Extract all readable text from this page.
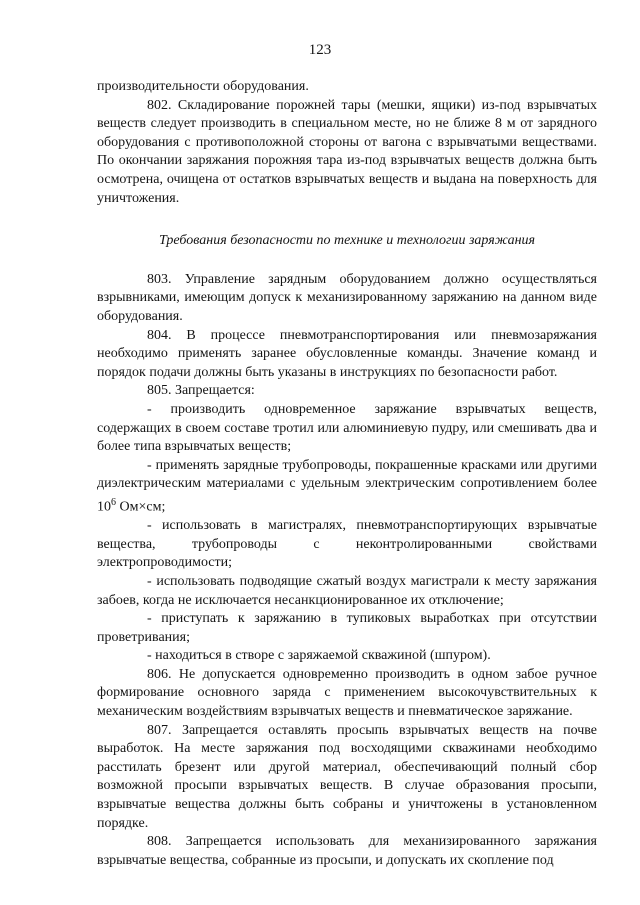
123

производительности оборудования.

802. Складирование порожней тары (мешки, ящики) из-под взрывчатых веществ следует производить в специальном месте, но не ближе 8 м от зарядного оборудования с противоположной стороны от вагона с взрывчатыми веществами. По окончании заряжания порожняя тара из-под взрывчатых веществ должна быть осмотрена, очищена от остатков взрывчатых веществ и выдана на поверхность для уничтожения.

Требования безопасности по технике и технологии заряжания

803. Управление зарядным оборудованием должно осуществляться взрывниками, имеющим допуск к механизированному заряжанию на данном виде оборудования.

804. В процессе пневмотранспортирования или пневмозаряжания необходимо применять заранее обусловленные команды. Значение команд и порядок подачи должны быть указаны в инструкциях по безопасности работ.

805. Запрещается:

- производить одновременное заряжание взрывчатых веществ, содержащих в своем составе тротил или алюминиевую пудру, или смешивать два и более типа взрывчатых веществ;

- применять зарядные трубопроводы, покрашенные красками или другими диэлектрическим материалами с удельным электрическим сопротивлением более $10^6$ Ом×см;

- использовать в магистралях, пневмотранспортирующих взрывчатые вещества, трубопроводы с неконтролированными свойствами электропроводимости;

- использовать подводящие сжатый воздух магистрали к месту заряжания забоев, когда не исключается несанкционированное их отключение;

- приступать к заряжанию в тупиковых выработках при отсутствии проветривания;

- находиться в створе с заряжаемой скважиной (шпуром).

806. Не допускается одновременно производить в одном забое ручное формирование основного заряда с применением высокочувствительных к механическим воздействиям взрывчатых веществ и пневматическое заряжание.

807. Запрещается оставлять просыпь взрывчатых веществ на почве выработок. На месте заряжания под восходящими скважинами необходимо расстилать брезент или другой материал, обеспечивающий полный сбор возможной просыпи взрывчатых веществ. В случае образования просыпи, взрывчатые вещества должны быть собраны и уничтожены в установленном порядке.

808. Запрещается использовать для механизированного заряжания взрывчатые вещества, собранные из просыпи, и допускать их скопление под
